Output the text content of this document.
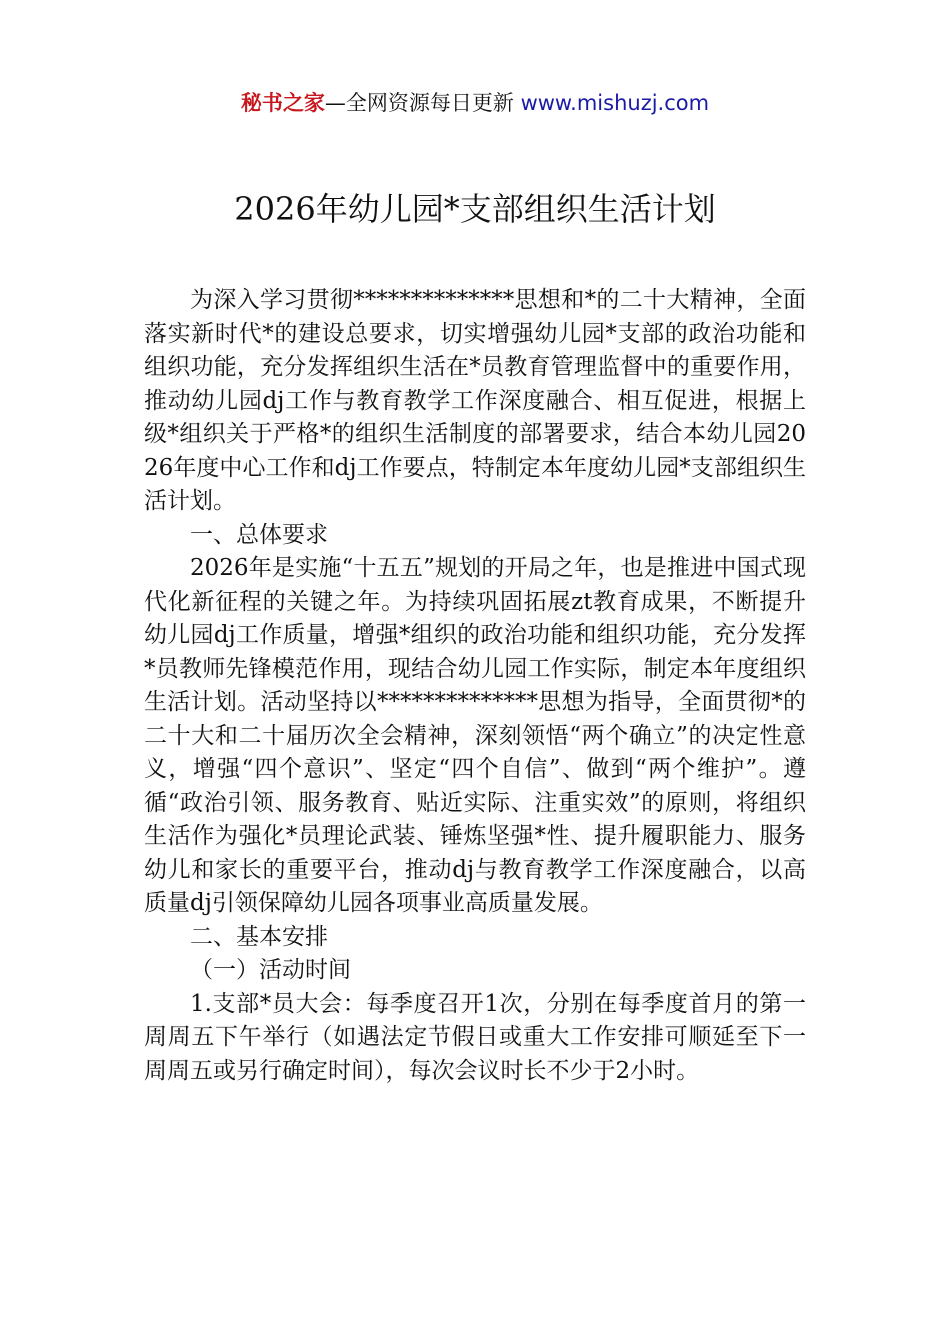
秘书之家—全网资源每日更新 www.mishuzj.com
2026年幼儿园*支部组织生活计划

为深入学习贯彻**************思想和*的二十大精神，全面落实新时代*的建设总要求，切实增强幼儿园*支部的政治功能和组织功能，充分发挥组织生活在*员教育管理监督中的重要作用，推动幼儿园dj工作与教育教学工作深度融合、相互促进，根据上级*组织关于严格*的组织生活制度的部署要求，结合本幼儿园2026年度中心工作和dj工作要点，特制定本年度幼儿园*支部组织生活计划。

一、总体要求

2026年是实施“十五五”规划的开局之年，也是推进中国式现代化新征程的关键之年。为持续巩固拓展zt教育成果，不断提升幼儿园dj工作质量，增强*组织的政治功能和组织功能，充分发挥*员教师先锋模范作用，现结合幼儿园工作实际，制定本年度组织生活计划。活动坚持以**************思想为指导，全面贯彻*的二十大和二十届历次全会精神，深刻领悟“两个确立”的决定性意义，增强“四个意识”、坚定“四个自信”、做到“两个维护”。遵循“政治引领、服务教育、贴近实际、注重实效”的原则，将组织生活作为强化*员理论武装、锤炼坚强*性、提升履职能力、服务幼儿和家长的重要平台，推动dj与教育教学工作深度融合，以高质量dj引领保障幼儿园各项事业高质量发展。

二、基本安排

（一）活动时间

1.支部*员大会：每季度召开1次，分别在每季度首月的第一周周五下午举行（如遇法定节假日或重大工作安排可顺延至下一周周五或另行确定时间），每次会议时长不少于2小时。
